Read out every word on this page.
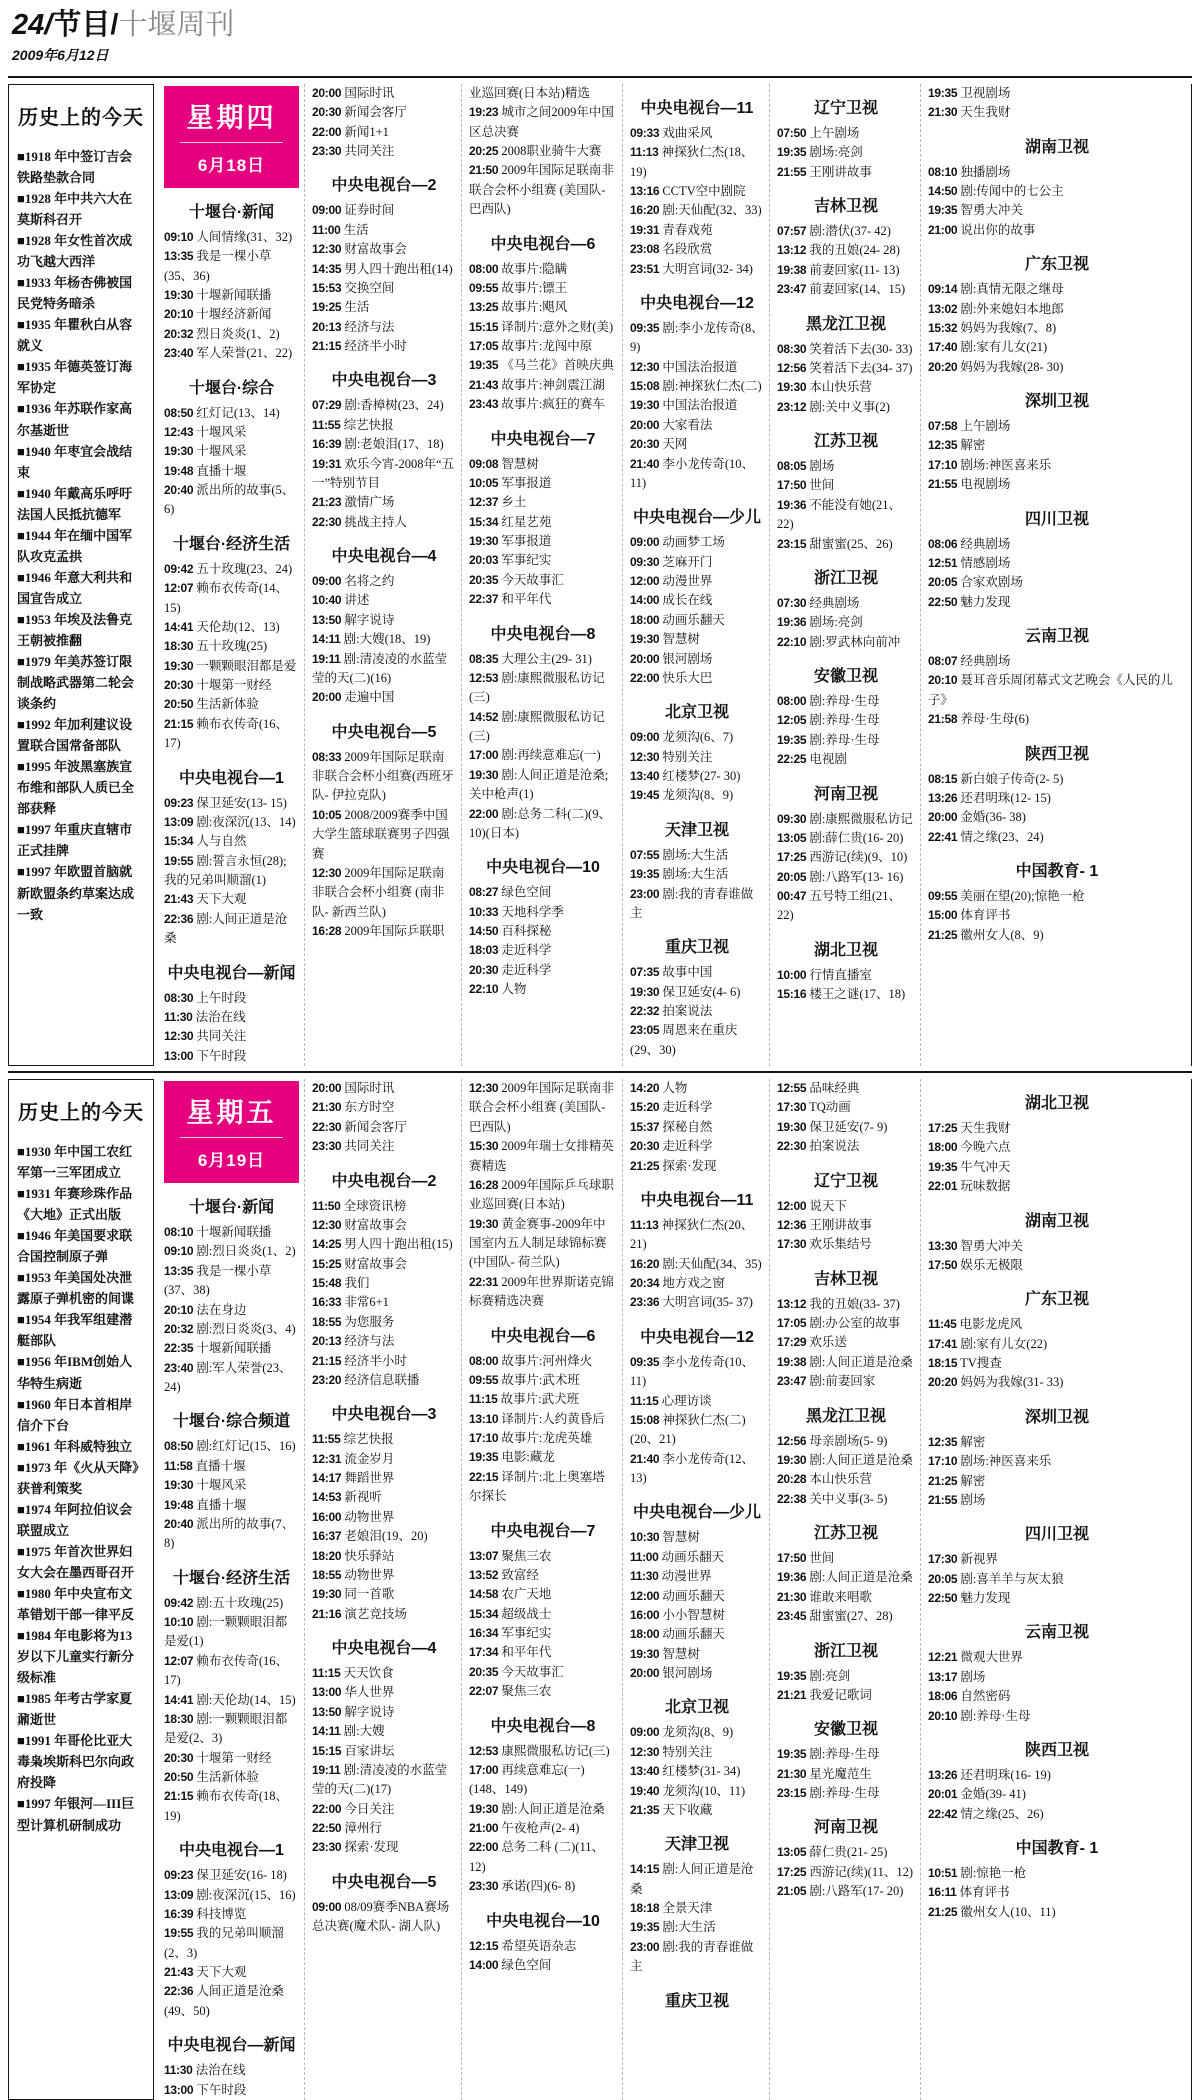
24/节目/十堰周刊
2009年6月12日
历史上的今天
■1918 年中签订吉会铁路垫款合同
■1928 年中共六大在莫斯科召开
■1928 年女性首次成功飞越大西洋
■1933 年杨杏佛被国民党特务暗杀
■1935 年瞿秋白从容就义
■1935 年德英签订海军协定
■1936 年苏联作家高尔基逝世
■1940 年枣宜会战结束
■1940 年戴高乐呼吁法国人民抵抗德军
■1944 年在缅中国军队攻克孟拱
■1946 年意大利共和国宣告成立
■1953 年埃及法鲁克王朝被推翻
■1979 年美苏签订限制战略武器第二轮会谈条约
■1992 年加利建议设置联合国常备部队
■1995 年波黑塞族宣布维和部队人质已全部获释
■1997 年重庆直辖市正式挂牌
■1997 年欧盟首脑就新欧盟条约草案达成一致
星期四
6月18日
十堰台·新闻
09:10 人间情缘(31、32)
13:35 我是一棵小草(35、36)
19:30 十堰新闻联播
20:10 十堰经济新闻
20:32 烈日炎炎(1、2)
23:40 军人荣誉(21、22)
十堰台·综合
08:50 红灯记(13、14)
12:43 十堰风采
19:30 十堰风采
19:48 直播十堰
20:40 派出所的故事(5、6)
十堰台·经济生活
09:42 五十玫瑰(23、24)
12:07 赖布衣传奇(14、15)
14:41 天伦劫(12、13)
18:30 五十玫瑰(25)
19:30 一颗颗眼泪都是爱
20:30 十堰第一财经
20:50 生活新体验
21:15 赖布衣传奇(16、17)
中央电视台—1
09:23 保卫延安(13- 15)
13:09 剧:夜深沉(13、14)
15:34 人与自然
19:55 剧:誓言永恒(28);我的兄弟叫顺溜(1)
21:43 天下大观
22:36 剧:人间正道是沧桑
中央电视台—新闻
08:30 上午时段
11:30 法治在线
12:30 共同关注
13:00 下午时段
20:00 国际时讯
20:30 新闻会客厅
22:00 新闻1+1
23:30 共同关注
中央电视台—2
09:00 证券时间
11:00 生活
12:30 财富故事会
14:35 男人四十跑出租(14)
15:53 交换空间
19:25 生活
20:13 经济与法
21:15 经济半小时
中央电视台—3
07:29 剧:香樟树(23、24)
11:55 综艺快报
16:39 剧:老娘泪(17、18)
19:31 欢乐今宵-2008年“五一”特别节目
21:23 激情广场
22:30 挑战主持人
中央电视台—4
09:00 名将之约
10:40 讲述
13:50 解字说诗
14:11 剧:大嫂(18、19)
19:11 剧:清凌凌的水蓝莹莹的天(二)(16)
20:00 走遍中国
中央电视台—5
08:33 2009年国际足联南非联合会杯小组赛(西班牙队- 伊拉克队)
10:05 2008/2009赛季中国大学生篮球联赛男子四强赛
12:30 2009年国际足联南非联合会杯小组赛 (南非队- 新西兰队)
16:28 2009年国际乒联职
业巡回赛(日本站)精选
19:23 城市之间2009年中国区总决赛
20:25 2008职业骑牛大赛
21:50 2009年国际足联南非联合会杯小组赛 (美国队- 巴西队)
中央电视台—6
08:00 故事片:隐瞒
09:55 故事片:镖王
13:25 故事片:飓风
15:15 译制片:意外之财(美)
17:05 故事片:龙闯中原
19:35 《马兰花》首映庆典
21:43 故事片:神剑震江湖
23:43 故事片:疯狂的赛车
中央电视台—7
09:08 智慧树
10:05 军事报道
12:37 乡土
15:34 红星艺苑
19:30 军事报道
20:03 军事纪实
20:35 今天故事汇
22:37 和平年代
中央电视台—8
08:35 大理公主(29- 31)
12:53 剧:康熙微服私访记(三)
14:52 剧:康熙微服私访记(三)
17:00 剧:再续意难忘(一)
19:30 剧:人间正道是沧桑;关中枪声(1)
22:00 剧:总务二科(二)(9、10)(日本)
中央电视台—10
08:27 绿色空间
10:33 天地科学季
14:50 百科探秘
18:03 走近科学
20:30 走近科学
22:10 人物
中央电视台—11
09:33 戏曲采风
11:13 神探狄仁杰(18、19)
13:16 CCTV空中剧院
16:20 剧:天仙配(32、33)
19:31 青春戏苑
23:08 名段欣赏
23:51 大明宫词(32- 34)
中央电视台—12
09:35 剧:李小龙传奇(8、9)
12:30 中国法治报道
15:08 剧:神探狄仁杰(二)
19:30 中国法治报道
20:00 大家看法
20:30 天网
21:40 李小龙传奇(10、11)
中央电视台—少儿
09:00 动画梦工场
09:30 芝麻开门
12:00 动漫世界
14:00 成长在线
18:00 动画乐翻天
19:30 智慧树
20:00 银河剧场
22:00 快乐大巴
北京卫视
09:00 龙须沟(6、7)
12:30 特别关注
13:40 红楼梦(27- 30)
19:45 龙须沟(8、9)
天津卫视
07:55 剧场:大生活
19:35 剧场:大生活
23:00 剧:我的青春谁做主
重庆卫视
07:35 故事中国
19:30 保卫延安(4- 6)
22:32 拍案说法
23:05 周恩来在重庆(29、30)
辽宁卫视
07:50 上午剧场
19:35 剧场:亮剑
21:55 王刚讲故事
吉林卫视
07:57 剧:潜伏(37- 42)
13:12 我的丑娘(24- 28)
19:38 前妻回家(11- 13)
23:47 前妻回家(14、15)
黑龙江卫视
08:30 笑着活下去(30- 33)
12:56 笑着活下去(34- 37)
19:30 本山快乐营
23:12 剧:关中义事(2)
江苏卫视
08:05 剧场
17:50 世间
19:36 不能没有她(21、22)
23:15 甜蜜蜜(25、26)
浙江卫视
07:30 经典剧场
19:36 剧场:亮剑
22:10 剧:罗武林向前冲
安徽卫视
08:00 剧:养母·生母
12:05 剧:养母·生母
19:35 剧:养母·生母
22:25 电视剧
河南卫视
09:30 剧:康熙微服私访记
13:05 剧:薛仁贵(16- 20)
17:25 西游记(续)(9、10)
20:05 剧:八路军(13- 16)
00:47 五号特工组(21、22)
湖北卫视
10:00 行情直播室
15:16 楼王之谜(17、18)
19:35 卫视剧场
21:30 天生我财
湖南卫视
08:10 独播剧场
14:50 剧:传闻中的七公主
19:35 智勇大冲关
21:00 说出你的故事
广东卫视
09:14 剧:真情无限之继母
13:02 剧:外来媳妇本地郎
15:32 妈妈为我嫁(7、8)
17:40 剧:家有儿女(21)
20:20 妈妈为我嫁(28- 30)
深圳卫视
07:58 上午剧场
12:35 解密
17:10 剧场:神医喜来乐
21:55 电视剧场
四川卫视
08:06 经典剧场
12:51 情感剧场
20:05 合家欢剧场
22:50 魅力发现
云南卫视
08:07 经典剧场
20:10 聂耳音乐周闭幕式文艺晚会《人民的儿子》
21:58 养母·生母(6)
陕西卫视
08:15 新白娘子传奇(2- 5)
13:26 还君明珠(12- 15)
20:00 金婚(36- 38)
22:41 情之缘(23、24)
中国教育- 1
09:55 美丽在望(20);惊艳一枪
15:00 体育评书
21:25 徽州女人(8、9)
历史上的今天
■1930 年中国工农红军第一三军团成立
■1931 年赛珍珠作品《大地》正式出版
■1946 年美国要求联合国控制原子弹
■1953 年美国处决泄露原子弹机密的间谍
■1954 年我军组建潜艇部队
■1956 年IBM创始人华特生病逝
■1960 年日本首相岸信介下台
■1961 年科威特独立
■1973 年《火从天降》获普利策奖
■1974 年阿拉伯议会联盟成立
■1975 年首次世界妇女大会在墨西哥召开
■1980 年中央宣布文革错划干部一律平反
■1984 年电影将为13岁以下儿童实行新分级标准
■1985 年考古学家夏鼐逝世
■1991 年哥伦比亚大毒枭埃斯科巴尔向政府投降
■1997 年银河—III巨型计算机研制成功
星期五
6月19日
十堰台·新闻
08:10 十堰新闻联播
09:10 剧:烈日炎炎(1、2)
13:35 我是一棵小草(37、38)
20:10 法在身边
20:32 剧:烈日炎炎(3、4)
22:35 十堰新闻联播
23:40 剧:军人荣誉(23、24)
十堰台·综合频道
08:50 剧:红灯记(15、16)
11:58 直播十堰
19:30 十堰风采
19:48 直播十堰
20:40 派出所的故事(7、8)
十堰台·经济生活
09:42 剧:五十玫瑰(25)
10:10 剧:一颗颗眼泪都是爱(1)
12:07 赖布衣传奇(16、17)
14:41 剧:天伦劫(14、15)
18:30 剧:一颗颗眼泪都是爱(2、3)
20:30 十堰第一财经
20:50 生活新体验
21:15 赖布衣传奇(18、19)
中央电视台—1
09:23 保卫延安(16- 18)
13:09 剧:夜深沉(15、16)
16:39 科技博览
19:55 我的兄弟叫顺溜(2、3)
21:43 天下大观
22:36 人间正道是沧桑(49、50)
中央电视台—新闻
11:30 法治在线
13:00 下午时段
20:00 国际时讯
21:30 东方时空
22:30 新闻会客厅
23:30 共同关注
中央电视台—2
11:50 全球资讯榜
12:30 财富故事会
14:25 男人四十跑出租(15)
15:25 财富故事会
15:48 我们
16:33 非常6+1
18:55 为您服务
20:13 经济与法
21:15 经济半小时
23:20 经济信息联播
中央电视台—3
11:55 综艺快报
12:31 流金岁月
14:17 舞蹈世界
14:53 新视听
16:00 动物世界
16:37 老娘泪(19、20)
18:20 快乐驿站
18:55 动物世界
19:30 同一首歌
21:16 演艺竞技场
中央电视台—4
11:15 天天饮食
13:00 华人世界
13:50 解字说诗
14:11 剧:大嫂
15:15 百家讲坛
19:11 剧:清凌凌的水蓝莹莹的天(二)(17)
22:00 今日关注
22:50 漳州行
23:30 探索·发现
中央电视台—5
09:00 08/09赛季NBA赛场总决赛(魔术队- 湖人队)
12:30 2009年国际足联南非联合会杯小组赛 (美国队- 巴西队)
15:30 2009年瑞士女排精英赛精选
16:28 2009年国际乒乓球职业巡回赛(日本站)
19:30 黄金赛事-2009年中国室内五人制足球锦标赛(中国队- 荷兰队)
22:31 2009年世界斯诺克锦标赛精选决赛
中央电视台—6
08:00 故事片:河州烽火
09:55 故事片:武术班
11:15 故事片:武犬班
13:10 译制片:人约黄昏后
17:10 故事片:龙虎英雄
19:35 电影:藏龙
22:15 译制片:北上奥塞塔尔探长
中央电视台—7
13:07 聚焦三农
13:52 致富经
14:58 农广天地
15:34 超级战士
16:34 军事纪实
17:34 和平年代
20:35 今天故事汇
22:07 聚焦三农
中央电视台—8
12:53 康熙微服私访记(三)
17:00 再续意难忘(一)(148、149)
19:30 剧:人间正道是沧桑
21:00 午夜枪声(2- 4)
22:00 总务二科 (二)(11、12)
23:30 承诺(四)(6- 8)
中央电视台—10
12:15 希望英语杂志
14:00 绿色空间
14:20 人物
15:20 走近科学
15:37 探秘自然
20:30 走近科学
21:25 探索·发现
中央电视台—11
11:13 神探狄仁杰(20、21)
16:20 剧:天仙配(34、35)
20:34 地方戏之窗
23:36 大明宫词(35- 37)
中央电视台—12
09:35 李小龙传奇(10、11)
11:15 心理访谈
15:08 神探狄仁杰(二)(20、21)
21:40 李小龙传奇(12、13)
中央电视台—少儿
10:30 智慧树
11:00 动画乐翻天
11:30 动漫世界
12:00 动画乐翻天
16:00 小小智慧树
18:00 动画乐翻天
19:30 智慧树
20:00 银河剧场
北京卫视
09:00 龙须沟(8、9)
12:30 特别关注
13:40 红楼梦(31- 34)
19:40 龙须沟(10、11)
21:35 天下收藏
天津卫视
14:15 剧:人间正道是沧桑
18:18 全景天津
19:35 剧:大生活
23:00 剧:我的青春谁做主
重庆卫视
12:55 品味经典
17:30 TQ动画
19:30 保卫延安(7- 9)
22:30 拍案说法
辽宁卫视
12:00 说天下
12:36 王刚讲故事
17:30 欢乐集结号
吉林卫视
13:12 我的丑娘(33- 37)
17:05 剧:办公室的故事
17:29 欢乐送
19:38 剧:人间正道是沧桑
23:47 剧:前妻回家
黑龙江卫视
12:56 母亲剧场(5- 9)
19:30 剧:人间正道是沧桑
20:28 本山快乐营
22:38 关中义事(3- 5)
江苏卫视
17:50 世间
19:36 剧:人间正道是沧桑
21:30 谁敢来唱歌
23:45 甜蜜蜜(27、28)
浙江卫视
19:35 剧:亮剑
21:21 我爱记歌词
安徽卫视
19:35 剧:养母·生母
21:30 星光魔范生
23:15 剧:养母·生母
河南卫视
13:05 薛仁贵(21- 25)
17:25 西游记(续)(11、12)
21:05 剧:八路军(17- 20)
湖北卫视
17:25 天生我财
18:00 今晚六点
19:35 牛气冲天
22:01 玩味数据
湖南卫视
13:30 智勇大冲关
17:50 娱乐无极限
广东卫视
11:45 电影龙虎风
17:41 剧:家有儿女(22)
18:15 TV搜查
20:20 妈妈为我嫁(31- 33)
深圳卫视
12:35 解密
17:10 剧场:神医喜来乐
21:25 解密
21:55 剧场
四川卫视
17:30 新视界
20:05 剧:喜羊羊与灰太狼
22:50 魅力发现
云南卫视
12:21 微观大世界
13:17 剧场
18:06 自然密码
20:10 剧:养母·生母
陕西卫视
13:26 还君明珠(16- 19)
20:01 金婚(39- 41)
22:42 情之缘(25、26)
中国教育- 1
10:51 剧:惊艳一枪
16:11 体育评书
21:25 徽州女人(10、11)
